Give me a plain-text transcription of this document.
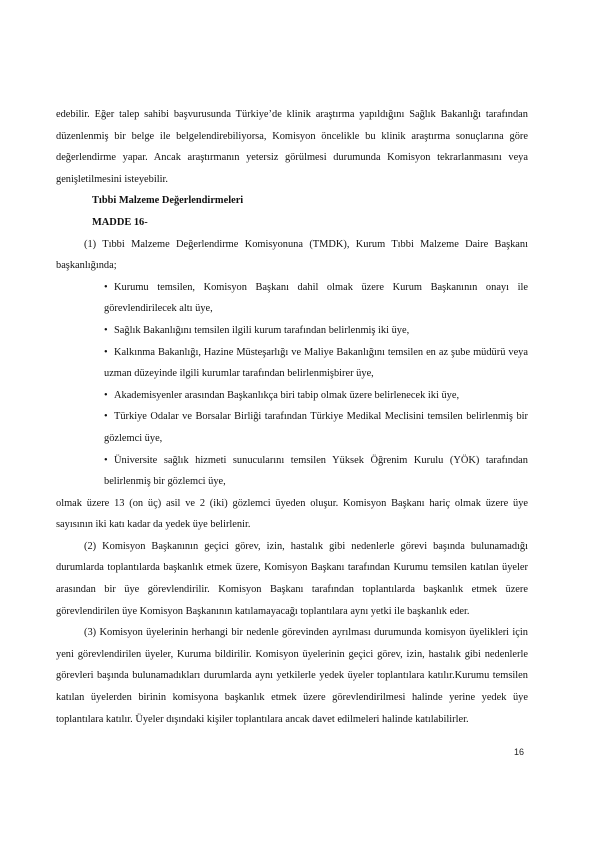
edebilir. Eğer talep sahibi başvurusunda Türkiye’de klinik araştırma yapıldığını Sağlık Bakanlığı tarafından düzenlenmiş bir belge ile belgelendirebiliyorsa, Komisyon öncelikle bu klinik araştırma sonuçlarına göre değerlendirme yapar. Ancak araştırmanın yetersiz görülmesi durumunda Komisyon tekrarlanmasını veya genişletilmesini isteyebilir.

Tıbbi Malzeme Değerlendirmeleri
MADDE 16-

(1) Tıbbi Malzeme Değerlendirme Komisyonuna (TMDK), Kurum Tıbbi Malzeme Daire Başkanı başkanlığında;

• Kurumu temsilen, Komisyon Başkanı dahil olmak üzere Kurum Başkanının onayı ile görevlendirilecek altı üye,

• Sağlık Bakanlığını temsilen ilgili kurum tarafından belirlenmiş iki üye,

• Kalkınma Bakanlığı, Hazine Müsteşarlığı ve Maliye Bakanlığını temsilen en az şube müdürü veya uzman düzeyinde ilgili kurumlar tarafından belirlenmişbirer üye,

• Akademisyenler arasından Başkanlıkça biri tabip olmak üzere belirlenecek iki üye,

• Türkiye Odalar ve Borsalar Birliği tarafından Türkiye Medikal Meclisini temsilen belirlenmiş bir gözlemci üye,

• Üniversite sağlık hizmeti sunucularını temsilen Yüksek Öğrenim Kurulu (YÖK) tarafından belirlenmiş bir gözlemci üye,

olmak üzere 13 (on üç) asil ve 2 (iki) gözlemci üyeden oluşur. Komisyon Başkanı hariç olmak üzere üye sayısının iki katı kadar da yedek üye belirlenir.

(2) Komisyon Başkanının geçici görev, izin, hastalık gibi nedenlerle görevi başında bulunamadığı durumlarda toplantılarda başkanlık etmek üzere, Komisyon Başkanı tarafından Kurumu temsilen katılan üyeler arasından bir üye görevlendirilir. Komisyon Başkanı tarafından toplantılarda başkanlık etmek üzere görevlendirilen üye Komisyon Başkanının katılamayacağı toplantılara aynı yetki ile başkanlık eder.

(3) Komisyon üyelerinin herhangi bir nedenle görevinden ayrılması durumunda komisyon üyelikleri için yeni görevlendirilen üyeler, Kuruma bildirilir. Komisyon üyelerinin geçici görev, izin, hastalık gibi nedenlerle görevleri başında bulunamadıkları durumlarda aynı yetkilerle yedek üyeler toplantılara katılır.Kurumu temsilen katılan üyelerden birinin komisyona başkanlık etmek üzere görevlendirilmesi halinde yerine yedek üye toplantılara katılır. Üyeler dışındaki kişiler toplantılara ancak davet edilmeleri halinde katılabilirler.

16
